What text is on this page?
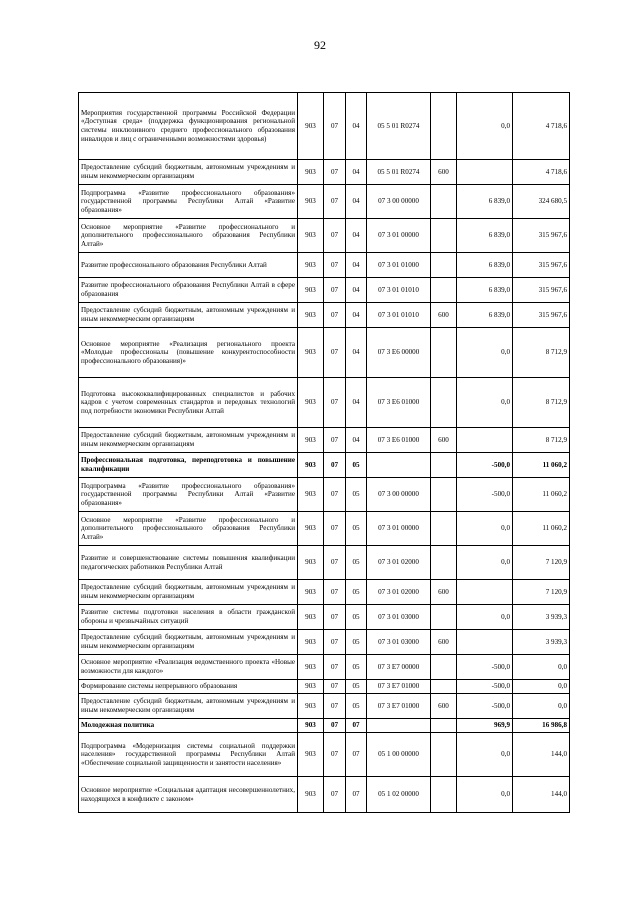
92
Мероприятия государственной программы Российской Федерации «Доступная среда» (поддержка функционирования региональной системы инклюзивного среднего профессионального образования инвалидов и лиц с ограниченными возможностями здоровья)	903	07	04	05 5 01 R0274		0,0	4 718,6
Предоставление субсидий бюджетным, автономным учреждениям и иным некоммерческим организациям	903	07	04	05 5 01 R0274	600		4 718,6
Подпрограмма «Развитие профессионального образования» государственной программы Республики Алтай «Развитие образования»	903	07	04	07 3 00 00000		6 839,0	324 680,5
Основное мероприятие «Развитие профессионального и дополнительного профессионального образования Республики Алтай»	903	07	04	07 3 01 00000		6 839,0	315 967,6
Развитие профессионального образования Республики Алтай	903	07	04	07 3 01 01000		6 839,0	315 967,6
Развитие профессионального образования Республики Алтай в сфере образования	903	07	04	07 3 01 01010		6 839,0	315 967,6
Предоставление субсидий бюджетным, автономным учреждениям и иным некоммерческим организациям	903	07	04	07 3 01 01010	600	6 839,0	315 967,6
Основное мероприятие «Реализация регионального проекта «Молодые профессионалы (повышение конкурентоспособности профессионального образования)»	903	07	04	07 3 E6 00000		0,0	8 712,9
Подготовка высококвалифицированных специалистов и рабочих кадров с учетом современных стандартов и передовых технологий под потребности экономики Республики Алтай	903	07	04	07 3 E6 01000		0,0	8 712,9
Предоставление субсидий бюджетным, автономным учреждениям и иным некоммерческим организациям	903	07	04	07 3 E6 01000	600		8 712,9
Профессиональная подготовка, переподготовка и повышение квалификации	903	07	05			-500,0	11 060,2
Подпрограмма «Развитие профессионального образования» государственной программы Республики Алтай «Развитие образования»	903	07	05	07 3 00 00000		-500,0	11 060,2
Основное мероприятие «Развитие профессионального и дополнительного профессионального образования Республики Алтай»	903	07	05	07 3 01 00000		0,0	11 060,2
Развитие и совершенствование системы повышения квалификации педагогических работников Республики Алтай	903	07	05	07 3 01 02000		0,0	7 120,9
Предоставление субсидий бюджетным, автономным учреждениям и иным некоммерческим организациям	903	07	05	07 3 01 02000	600		7 120,9
Развитие системы подготовки населения в области гражданской обороны и чрезвычайных ситуаций	903	07	05	07 3 01 03000		0,0	3 939,3
Предоставление субсидий бюджетным, автономным учреждениям и иным некоммерческим организациям	903	07	05	07 3 01 03000	600		3 939,3
Основное мероприятие «Реализация ведомственного проекта «Новые возможности для каждого»	903	07	05	07 3 E7 00000		-500,0	0,0
Формирование системы непрерывного образования	903	07	05	07 3 E7 01000		-500,0	0,0
Предоставление субсидий бюджетным, автономным учреждениям и иным некоммерческим организациям	903	07	05	07 3 E7 01000	600	-500,0	0,0
Молодежная политика	903	07	07			969,9	16 986,8
Подпрограмма «Модернизация системы социальной поддержки населения» государственной программы Республики Алтай «Обеспечение социальной защищенности и занятости населения»	903	07	07	05 1 00 00000		0,0	144,0
Основное мероприятие «Социальная адаптация несовершеннолетних, находящихся в конфликте с законом»	903	07	07	05 1 02 00000		0,0	144,0
